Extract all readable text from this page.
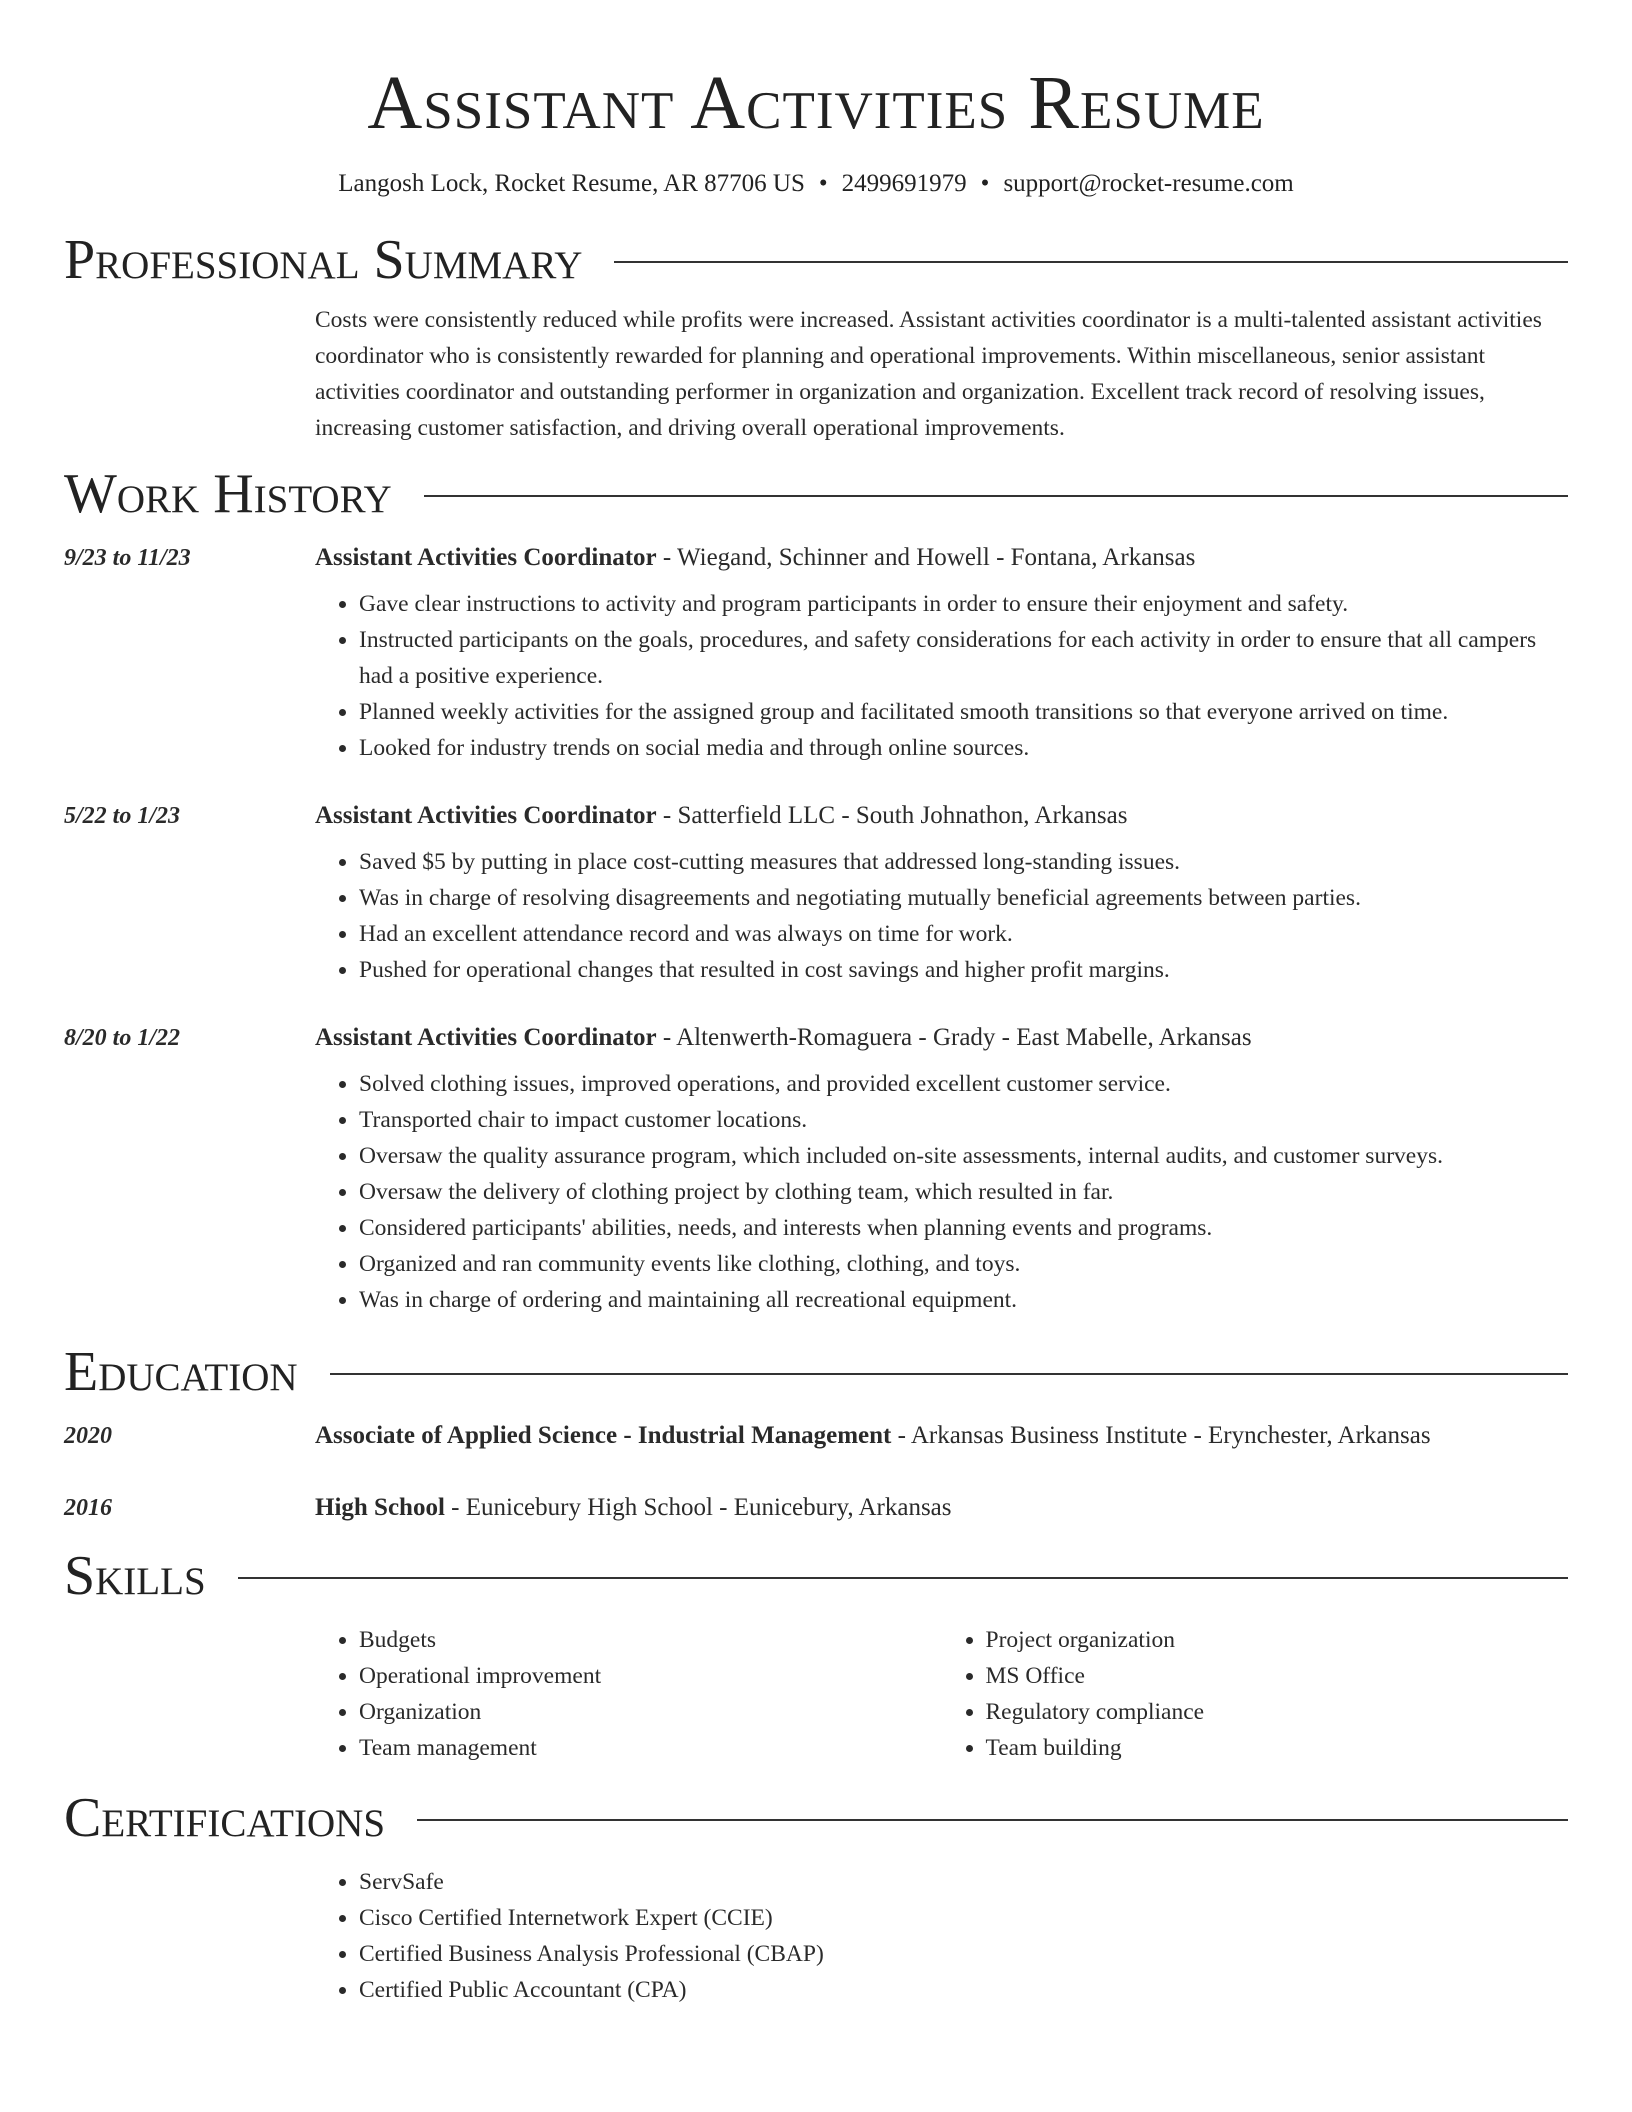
Assistant Activities Resume
Langosh Lock, Rocket Resume, AR 87706 US • 2499691979 • support@rocket-resume.com
Professional Summary
Costs were consistently reduced while profits were increased. Assistant activities coordinator is a multi-talented assistant activities coordinator who is consistently rewarded for planning and operational improvements. Within miscellaneous, senior assistant activities coordinator and outstanding performer in organization and organization. Excellent track record of resolving issues, increasing customer satisfaction, and driving overall operational improvements.
Work History
9/23 to 11/23	Assistant Activities Coordinator - Wiegand, Schinner and Howell - Fontana, Arkansas
• Gave clear instructions to activity and program participants in order to ensure their enjoyment and safety.
• Instructed participants on the goals, procedures, and safety considerations for each activity in order to ensure that all campers had a positive experience.
• Planned weekly activities for the assigned group and facilitated smooth transitions so that everyone arrived on time.
• Looked for industry trends on social media and through online sources.
5/22 to 1/23	Assistant Activities Coordinator - Satterfield LLC - South Johnathon, Arkansas
• Saved $5 by putting in place cost-cutting measures that addressed long-standing issues.
• Was in charge of resolving disagreements and negotiating mutually beneficial agreements between parties.
• Had an excellent attendance record and was always on time for work.
• Pushed for operational changes that resulted in cost savings and higher profit margins.
8/20 to 1/22	Assistant Activities Coordinator - Altenwerth-Romaguera - Grady - East Mabelle, Arkansas
• Solved clothing issues, improved operations, and provided excellent customer service.
• Transported chair to impact customer locations.
• Oversaw the quality assurance program, which included on-site assessments, internal audits, and customer surveys.
• Oversaw the delivery of clothing project by clothing team, which resulted in far.
• Considered participants' abilities, needs, and interests when planning events and programs.
• Organized and ran community events like clothing, clothing, and toys.
• Was in charge of ordering and maintaining all recreational equipment.
Education
2020	Associate of Applied Science - Industrial Management - Arkansas Business Institute - Erynchester, Arkansas
2016	High School - Eunicebury High School - Eunicebury, Arkansas
Skills
• Budgets
• Operational improvement
• Organization
• Team management
• Project organization
• MS Office
• Regulatory compliance
• Team building
Certifications
• ServSafe
• Cisco Certified Internetwork Expert (CCIE)
• Certified Business Analysis Professional (CBAP)
• Certified Public Accountant (CPA)
